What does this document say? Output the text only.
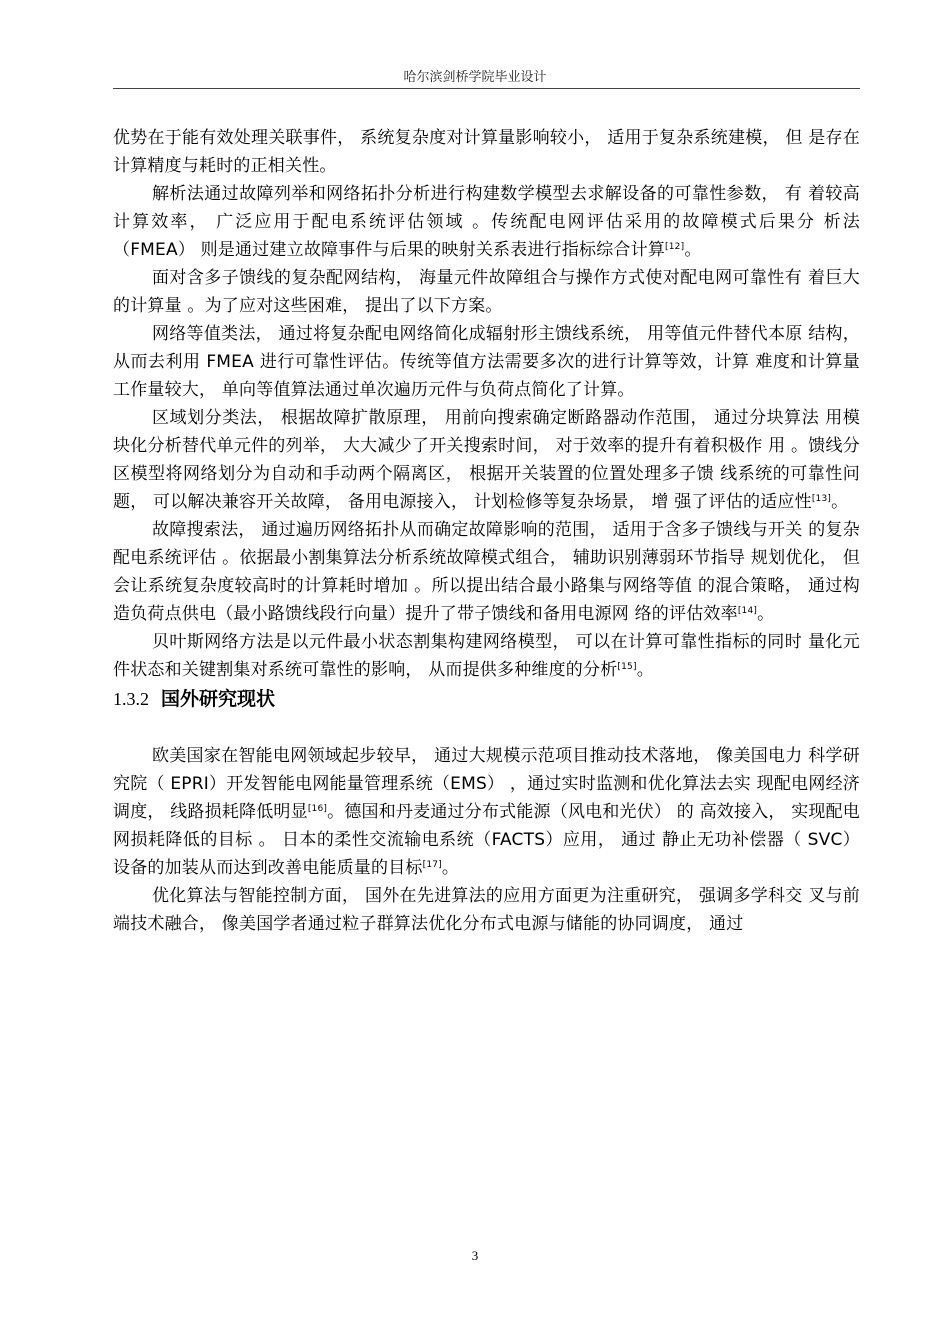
哈尔滨剑桥学院毕业设计

优势在于能有效处理关联事件， 系统复杂度对计算量影响较小， 适用于复杂系统建模， 但 是存在计算精度与耗时的正相关性。

解析法通过故障列举和网络拓扑分析进行构建数学模型去求解设备的可靠性参数， 有 着较高计算效率， 广泛应用于配电系统评估领域 。传统配电网评估采用的故障模式后果分 析法（FMEA） 则是通过建立故障事件与后果的映射关系表进行指标综合计算[12]。

面对含多子馈线的复杂配网结构， 海量元件故障组合与操作方式使对配电网可靠性有 着巨大的计算量 。为了应对这些困难， 提出了以下方案。

网络等值类法， 通过将复杂配电网络简化成辐射形主馈线系统， 用等值元件替代本原 结构，从而去利用 FMEA 进行可靠性评估。传统等值方法需要多次的进行计算等效，计算 难度和计算量工作量较大， 单向等值算法通过单次遍历元件与负荷点简化了计算。

区域划分类法， 根据故障扩散原理， 用前向搜索确定断路器动作范围， 通过分块算法 用模块化分析替代单元件的列举， 大大减少了开关搜索时间， 对于效率的提升有着积极作 用 。馈线分区模型将网络划分为自动和手动两个隔离区， 根据开关装置的位置处理多子馈 线系统的可靠性问题， 可以解决兼容开关故障， 备用电源接入， 计划检修等复杂场景， 增 强了评估的适应性[13]。

故障搜索法， 通过遍历网络拓扑从而确定故障影响的范围， 适用于含多子馈线与开关 的复杂配电系统评估 。依据最小割集算法分析系统故障模式组合， 辅助识别薄弱环节指导 规划优化， 但会让系统复杂度较高时的计算耗时增加 。所以提出结合最小路集与网络等值 的混合策略， 通过构造负荷点供电（最小路馈线段行向量）提升了带子馈线和备用电源网 络的评估效率[14]。

贝叶斯网络方法是以元件最小状态割集构建网络模型， 可以在计算可靠性指标的同时 量化元件状态和关键割集对系统可靠性的影响， 从而提供多种维度的分析[15]。

1.3.2 国外研究现状

欧美国家在智能电网领域起步较早， 通过大规模示范项目推动技术落地， 像美国电力 科学研究院（ EPRI）开发智能电网能量管理系统（EMS） ，通过实时监测和优化算法去实 现配电网经济调度， 线路损耗降低明显[16]。德国和丹麦通过分布式能源（风电和光伏） 的 高效接入， 实现配电网损耗降低的目标 。 日本的柔性交流输电系统（FACTS）应用， 通过 静止无功补偿器（ SVC）设备的加装从而达到改善电能质量的目标[17]。

优化算法与智能控制方面， 国外在先进算法的应用方面更为注重研究， 强调多学科交 叉与前端技术融合， 像美国学者通过粒子群算法优化分布式电源与储能的协同调度， 通过

3
